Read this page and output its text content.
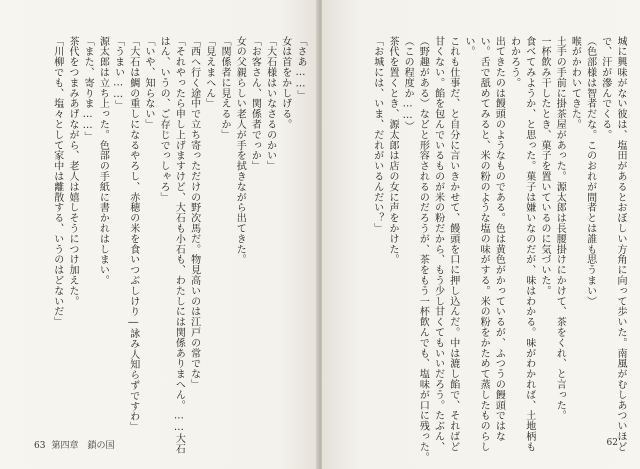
「さあ……」
女は首をかしげる。
「大石様はいなさるのかい」
「お客さん、関係者でっか」
女の父親らしい老人が手を拭きながら出てきた。
「関係者に見えるか」
「見えまへん」
「西へ行く途中で立ち寄っただけの野次馬だ。物見高いのは江戸の常でな」
「それやったら申し上げますけど、大石も小石も、わたしには関係ありまへん。……大石
はん、いうの、ご存じでっしゃろ」
「いや、知らない」
「大石は鯛の重しになるやろし、赤穂の米を食いつぶしけり―詠み人知らずですわ」
「うまい……」
源太郎は立ち上った。色部の手紙に書かれはしまい。
「また、寄りま……」
茶代をつまみあげながら、老人は嬉しそうにつけ加えた。
「川柳でも、塩々として家中は離散する、いうのはどないだ」
63 第四章　鎖の国	城に興味がない彼は、塩田があるとおぼしい方角に向って歩いた。南風がむしあついほど
で、汗が滲んでくる。
（色部様は智者だな。このおれが間者とは誰も思うまい）
喉がかわいてきた。
土手の手前に掛茶屋があった。源太郎は長腰掛けにかけて、茶をくれ、と言った。
一杯飲み干したとき、菓子を置いているのに気づいた。
食べてみようか、と思った。菓子は嫌いなのだが、味はわかる。味がわかれば、土地柄も
わかろう。
出てきたのは饅頭のようなものである。色は黄色がかっているが、ふつうの饅頭ではな
い。舌で舐めてみると、米の粉のような塩の味がする。米の粉をかためて蒸したものらし
い。
これも仕事だ、と自分に言いきかせて、饅頭を口に押し込んだ。中は漉し餡で、そればど
甘くない。餡を包んでいるものが米の粉だから、もう少し甘くてもいいだろう。たぶん、
（野趣がある）などと形容されるのだろうが、茶をもう一杯飲んでも、塩味が口に残った。
（この程度か……）
茶代を置くとき、源太郎は店の女に声をかけた。
「お城には、いま、だれがいるんだい？」
62
